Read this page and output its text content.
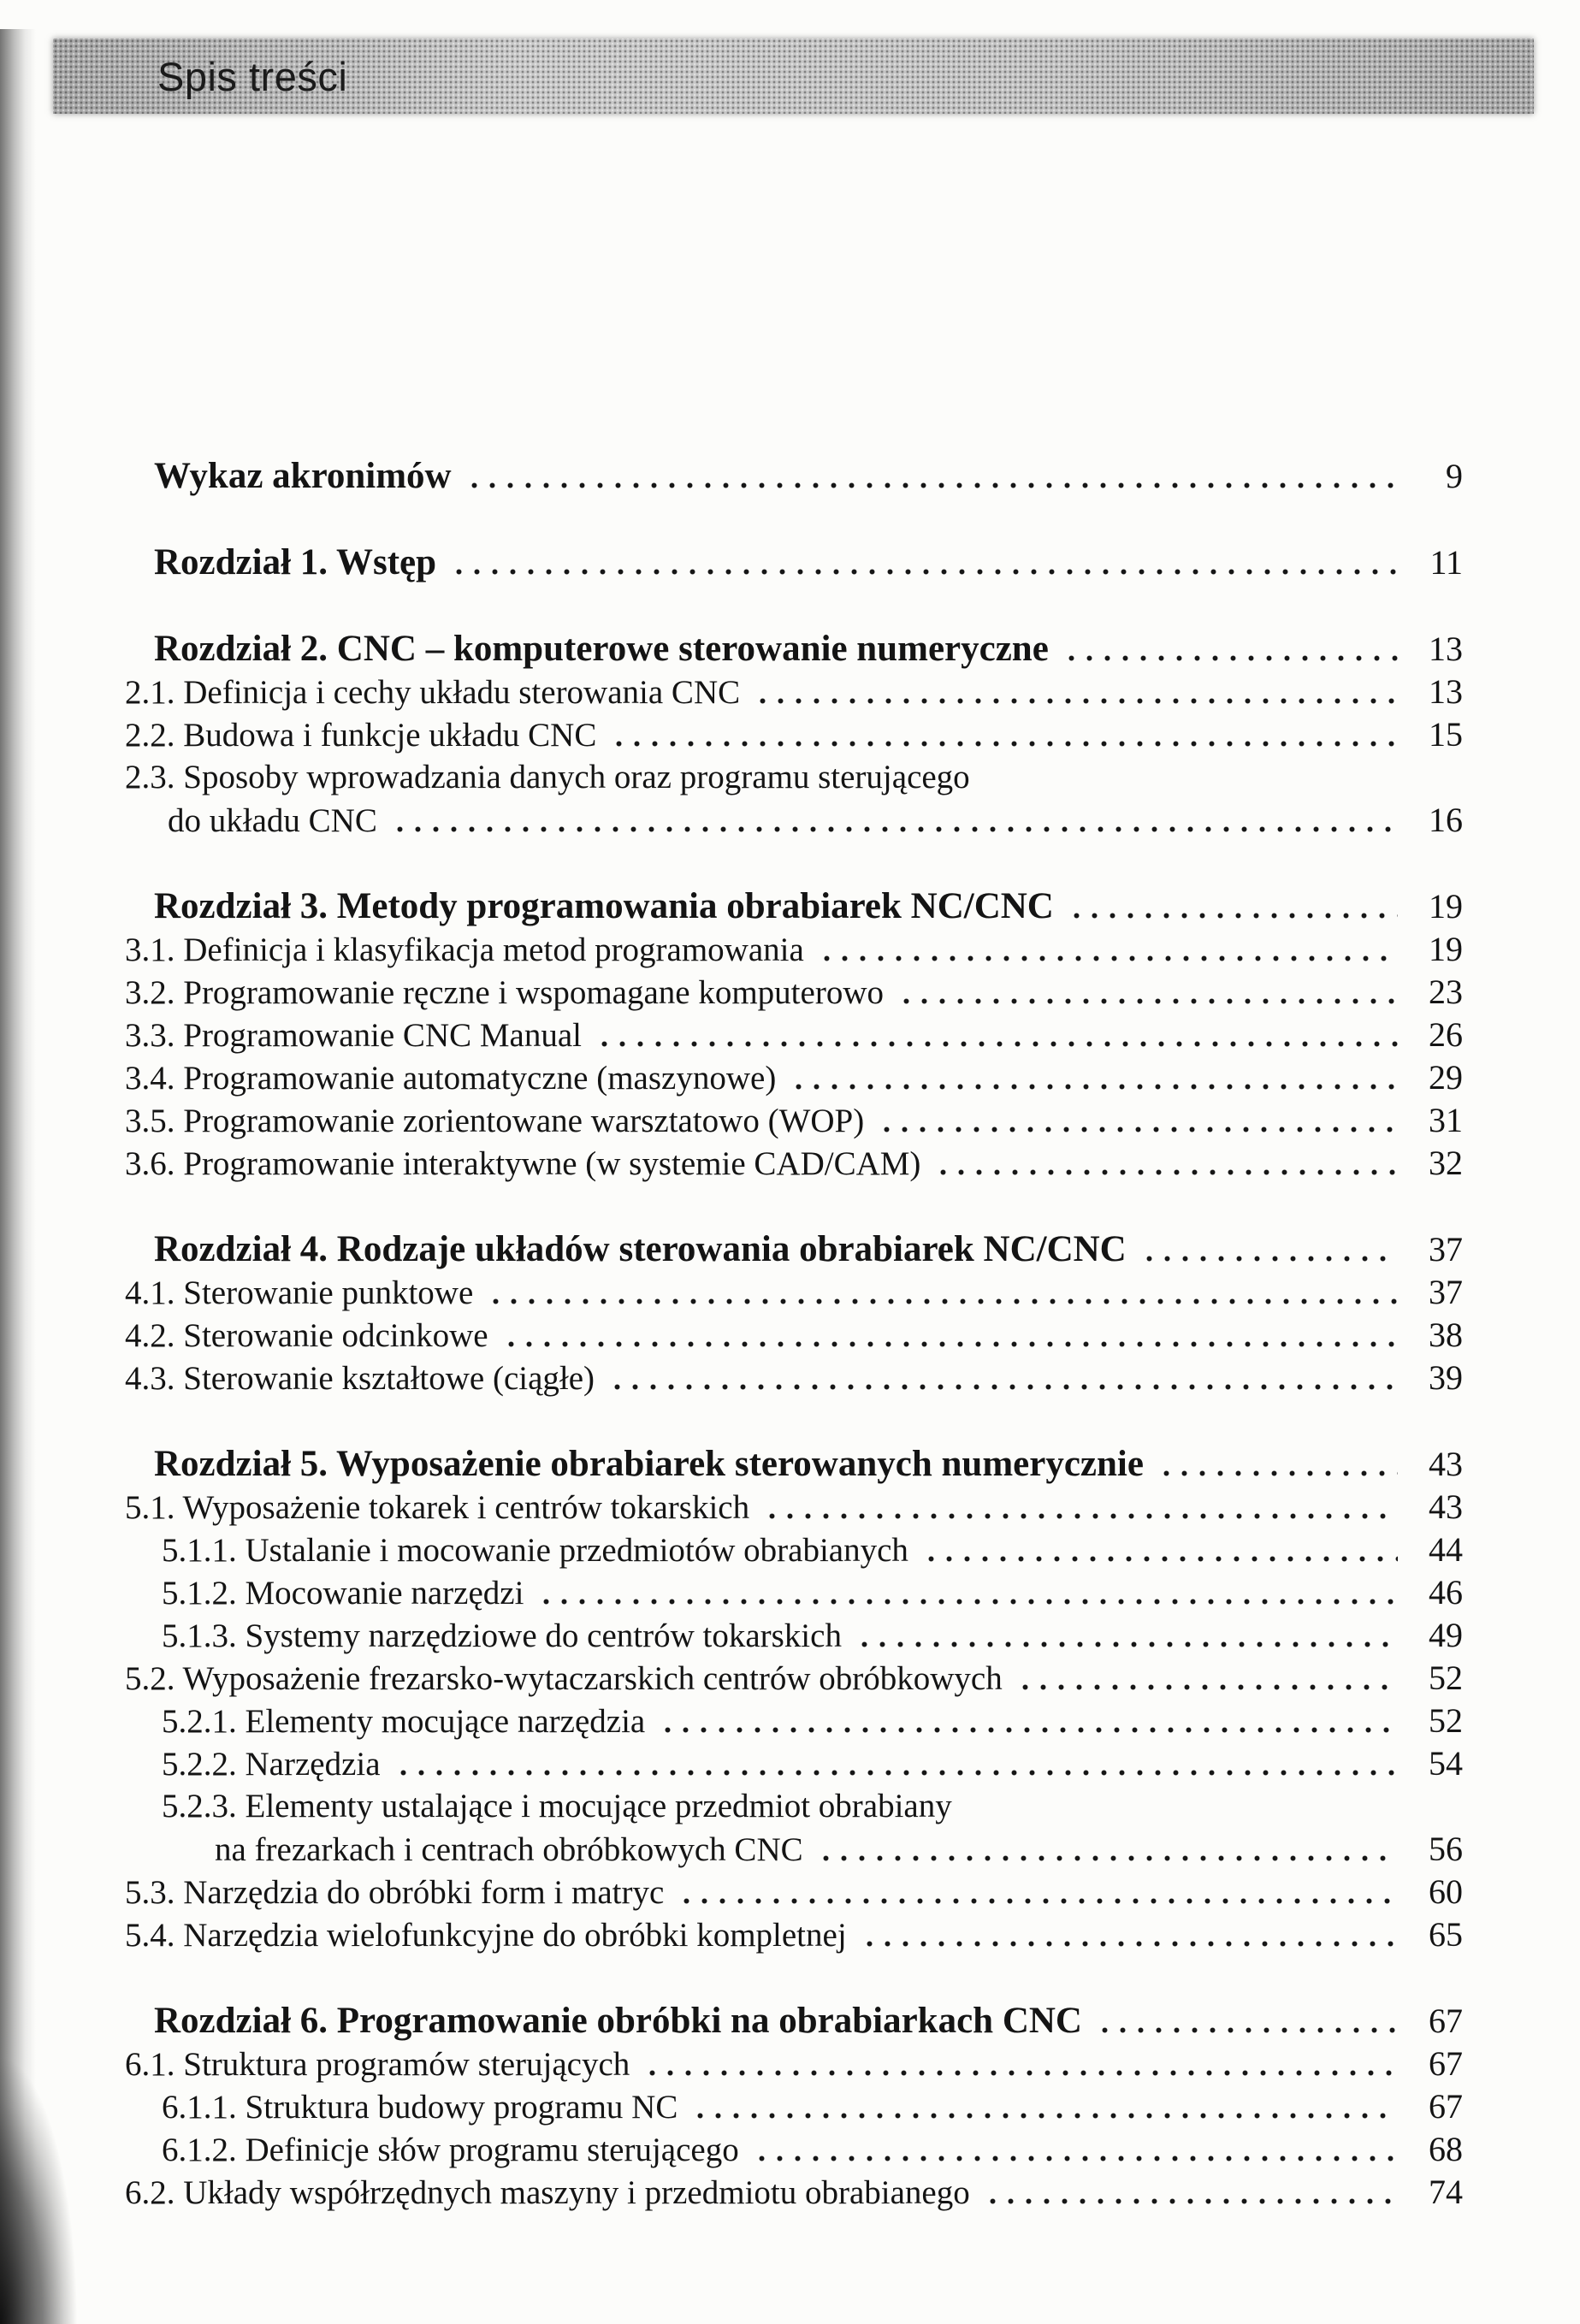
Spis treści
Wykaz akronimów	9
Rozdział 1. Wstęp	11
Rozdział 2. CNC – komputerowe sterowanie numeryczne	13
2.1. Definicja i cechy układu sterowania CNC	13
2.2. Budowa i funkcje układu CNC	15
2.3. Sposoby wprowadzania danych oraz programu sterującego
do układu CNC	16
Rozdział 3. Metody programowania obrabiarek NC/CNC	19
3.1. Definicja i klasyfikacja metod programowania	19
3.2. Programowanie ręczne i wspomagane komputerowo	23
3.3. Programowanie CNC Manual	26
3.4. Programowanie automatyczne (maszynowe)	29
3.5. Programowanie zorientowane warsztatowo (WOP)	31
3.6. Programowanie interaktywne (w systemie CAD/CAM)	32
Rozdział 4. Rodzaje układów sterowania obrabiarek NC/CNC	37
4.1. Sterowanie punktowe	37
4.2. Sterowanie odcinkowe	38
4.3. Sterowanie kształtowe (ciągłe)	39
Rozdział 5. Wyposażenie obrabiarek sterowanych numerycznie	43
5.1. Wyposażenie tokarek i centrów tokarskich	43
5.1.1. Ustalanie i mocowanie przedmiotów obrabianych	44
5.1.2. Mocowanie narzędzi	46
5.1.3. Systemy narzędziowe do centrów tokarskich	49
5.2. Wyposażenie frezarsko-wytaczarskich centrów obróbkowych	52
5.2.1. Elementy mocujące narzędzia	52
5.2.2. Narzędzia	54
5.2.3. Elementy ustalające i mocujące przedmiot obrabiany
na frezarkach i centrach obróbkowych CNC	56
5.3. Narzędzia do obróbki form i matryc	60
5.4. Narzędzia wielofunkcyjne do obróbki kompletnej	65
Rozdział 6. Programowanie obróbki na obrabiarkach CNC	67
6.1. Struktura programów sterujących	67
6.1.1. Struktura budowy programu NC	67
6.1.2. Definicje słów programu sterującego	68
6.2. Układy współrzędnych maszyny i przedmiotu obrabianego	74
